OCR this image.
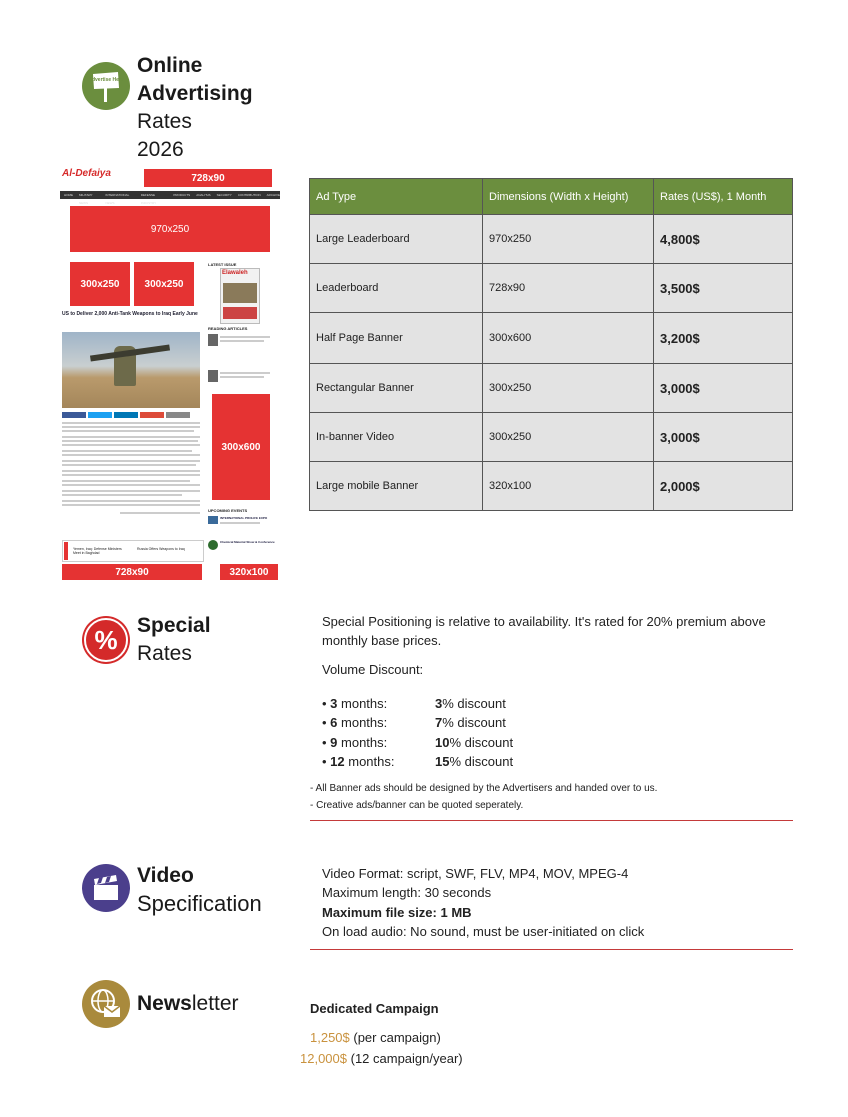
Advertise Here
Online
Advertising
Rates
2026
Al-Defaiya	728x90
HOME MILITARY NEWS
INTERNATIONAL NEWS
DEFENSE INDUSTRY
PRODUCTS ANALYSIS SECURITY CONTRIBUTION ARCHIVE
970x250
300x250	300x250
LATEST ISSUE
Elawaleh
US to Deliver 2,000 Anti-Tank Weapons to Iraq Early June
READING ARTICLES
300x600
UPCOMING EVENTS
INTERNATIONAL PROLIFE EXPO
Chemical Material Show & Conference
Yemen, Iraq: Defense Ministers Meet in Baghdad
Russia Offers Weapons to Iraq
728x90	320x100
Ad Type	Dimensions (Width x Height)	Rates (US$), 1 Month
Large Leaderboard	970x250	4,800$
Leaderboard	728x90	3,500$
Half Page Banner	300x600	3,200$
Rectangular Banner	300x250	3,000$
In-banner Video	300x250	3,000$
Large mobile Banner	320x100	2,000$
% Special
Rates
Special Positioning is relative to availability. It's rated for 20% premium above monthly base prices.
Volume Discount:
• 3 months:	3% discount
• 6 months:	7% discount
• 9 months:	10% discount
• 12 months:	15% discount
- All Banner ads should be designed by the Advertisers and handed over to us.
- Creative ads/banner can be quoted seperately.
Video
Specification
Video Format: script, SWF, FLV, MP4, MOV, MPEG-4
Maximum length: 30 seconds
Maximum file size: 1 MB
On load audio: No sound, must be user-initiated on click
Newsletter	Dedicated Campaign
1,250$ (per campaign)
12,000$ (12 campaign/year)
